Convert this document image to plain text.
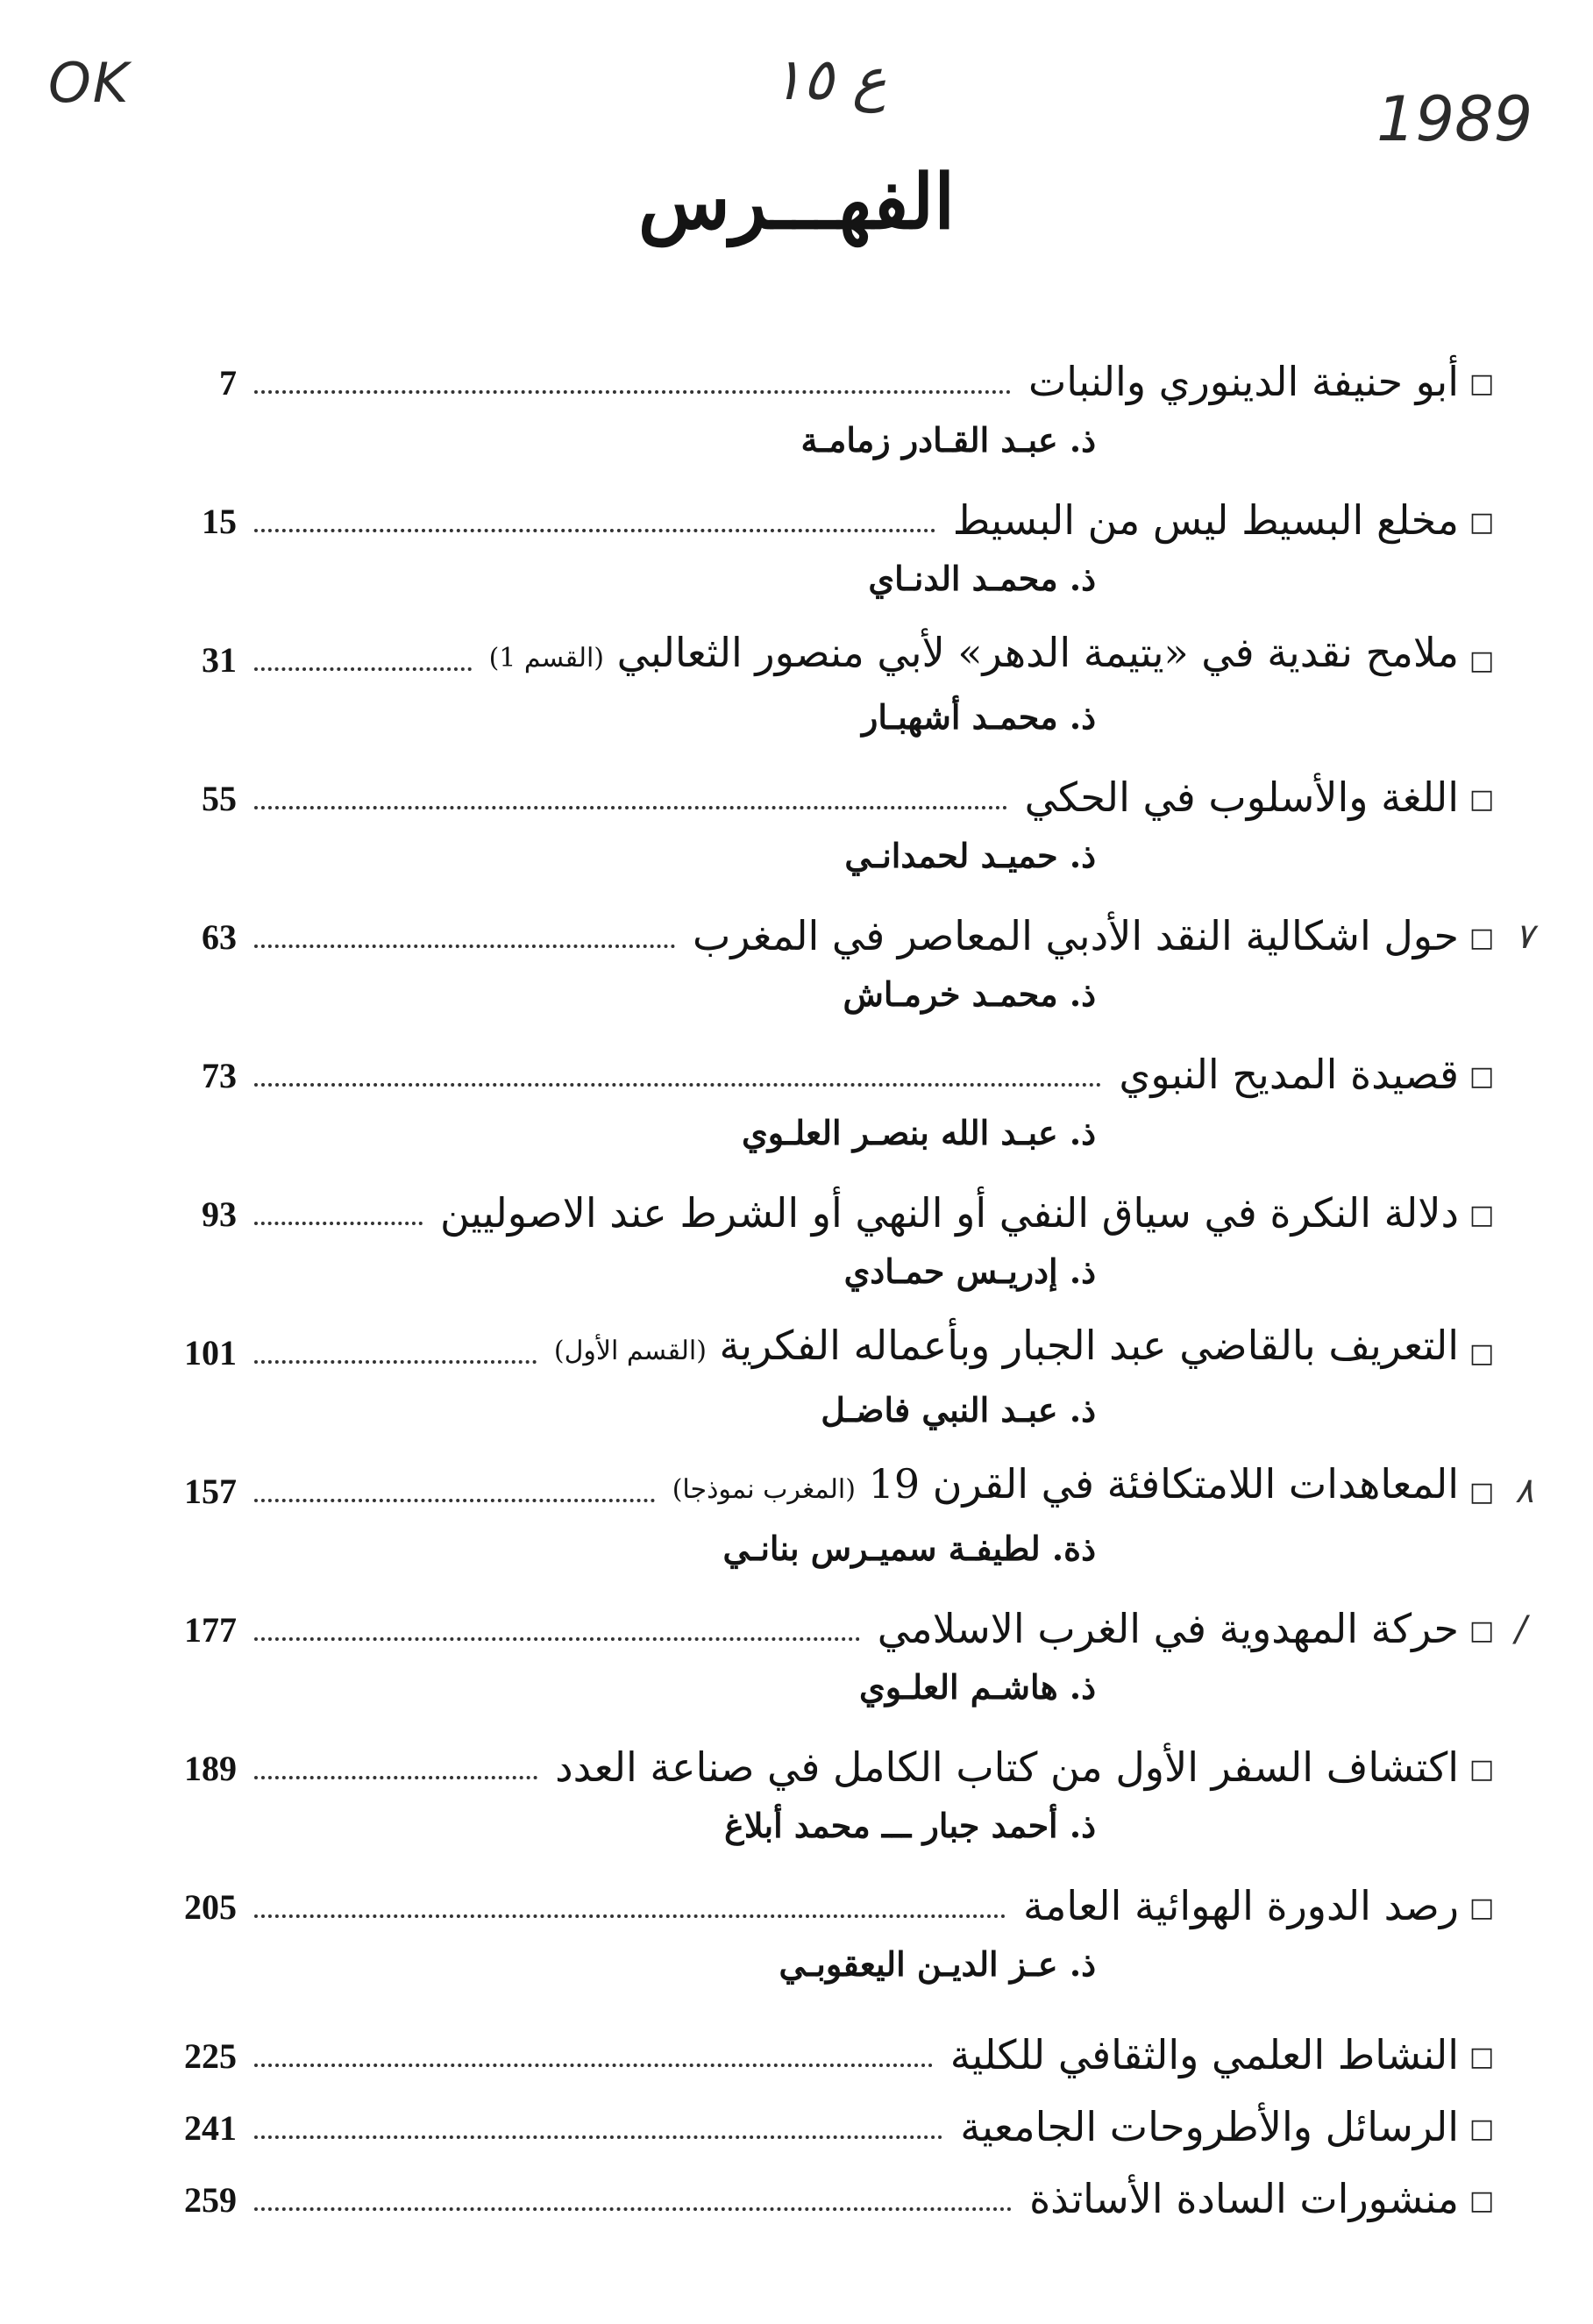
OK	ع ١٥
1989
الفهـــرس
□
أبو حنيفة الدينوري والنبات
7
ذ. عبـد القـادر زمامـة
□
مخلع البسيط ليس من البسيط
15
ذ. محمـد الدنـاي
□
ملامح نقدية في «يتيمة الدهر» لأبي منصور الثعالبي (القسم 1)
31
ذ. محمـد أشهبـار
□
اللغة والأسلوب في الحكي
55
ذ. حميـد لحمدانـي
□
حول اشكالية النقد الأدبي المعاصر في المغرب
63
ذ. محمـد خرمـاش
٧
□
قصيدة المديح النبوي
73
ذ. عبـد الله بنصـر العلـوي
□
دلالة النكرة في سياق النفي أو النهي أو الشرط عند الاصوليين
93
ذ. إدريـس حمـادي
□
التعريف بالقاضي عبد الجبار وبأعماله الفكرية (القسم الأول)
101
ذ. عبـد النبي فاضـل
□
المعاهدات اللامتكافئة في القرن 19 (المغرب نموذجا)
157
ذة. لطيفـة سميـرس بنانـي
٨
□
حركة المهدوية في الغرب الاسلامي
177
ذ. هاشـم العلـوي
/
□
اكتشاف السفر الأول من كتاب الكامل في صناعة العدد
189
ذ. أحمد جبار ـــ محمد أبلاغ
□
رصد الدورة الهوائية العامة
205
ذ. عـز الديـن اليعقوبـي
□
النشاط العلمي والثقافي للكلية
225
□
الرسائل والأطروحات الجامعية
241
□
منشورات السادة الأساتذة
259
